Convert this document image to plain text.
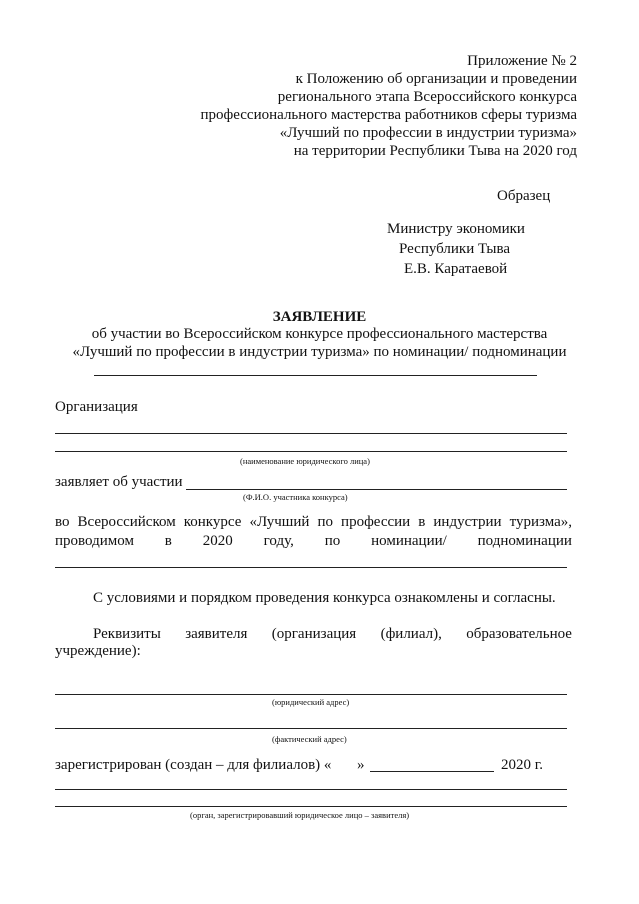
Приложение № 2
к Положению об организации и проведении
регионального этапа Всероссийского конкурса
профессионального мастерства работников сферы туризма
«Лучший по профессии в индустрии туризма»
на территории Республики Тыва на 2020 год
Образец
Министру экономики
Республики Тыва
Е.В. Каратаевой
ЗАЯВЛЕНИЕ
об участии во Всероссийском конкурсе профессионального мастерства
«Лучший по профессии в индустрии туризма» по номинации/ подноминации
Организация
(наименование юридического лица)
заявляет об участии
(Ф.И.О. участника конкурса)
во Всероссийском конкурсе «Лучший по профессии в индустрии туризма»,
проводимом в 2020 году, по номинации/ подноминации
С условиями и порядком проведения конкурса ознакомлены и согласны.
Реквизиты заявителя (организация (филиал), образовательное
учреждение):
(юридический адрес)
(фактический адрес)
зарегистрирован (создан – для филиалов) « »	2020 г.
(орган, зарегистрировавший юридическое лицо – заявителя)
